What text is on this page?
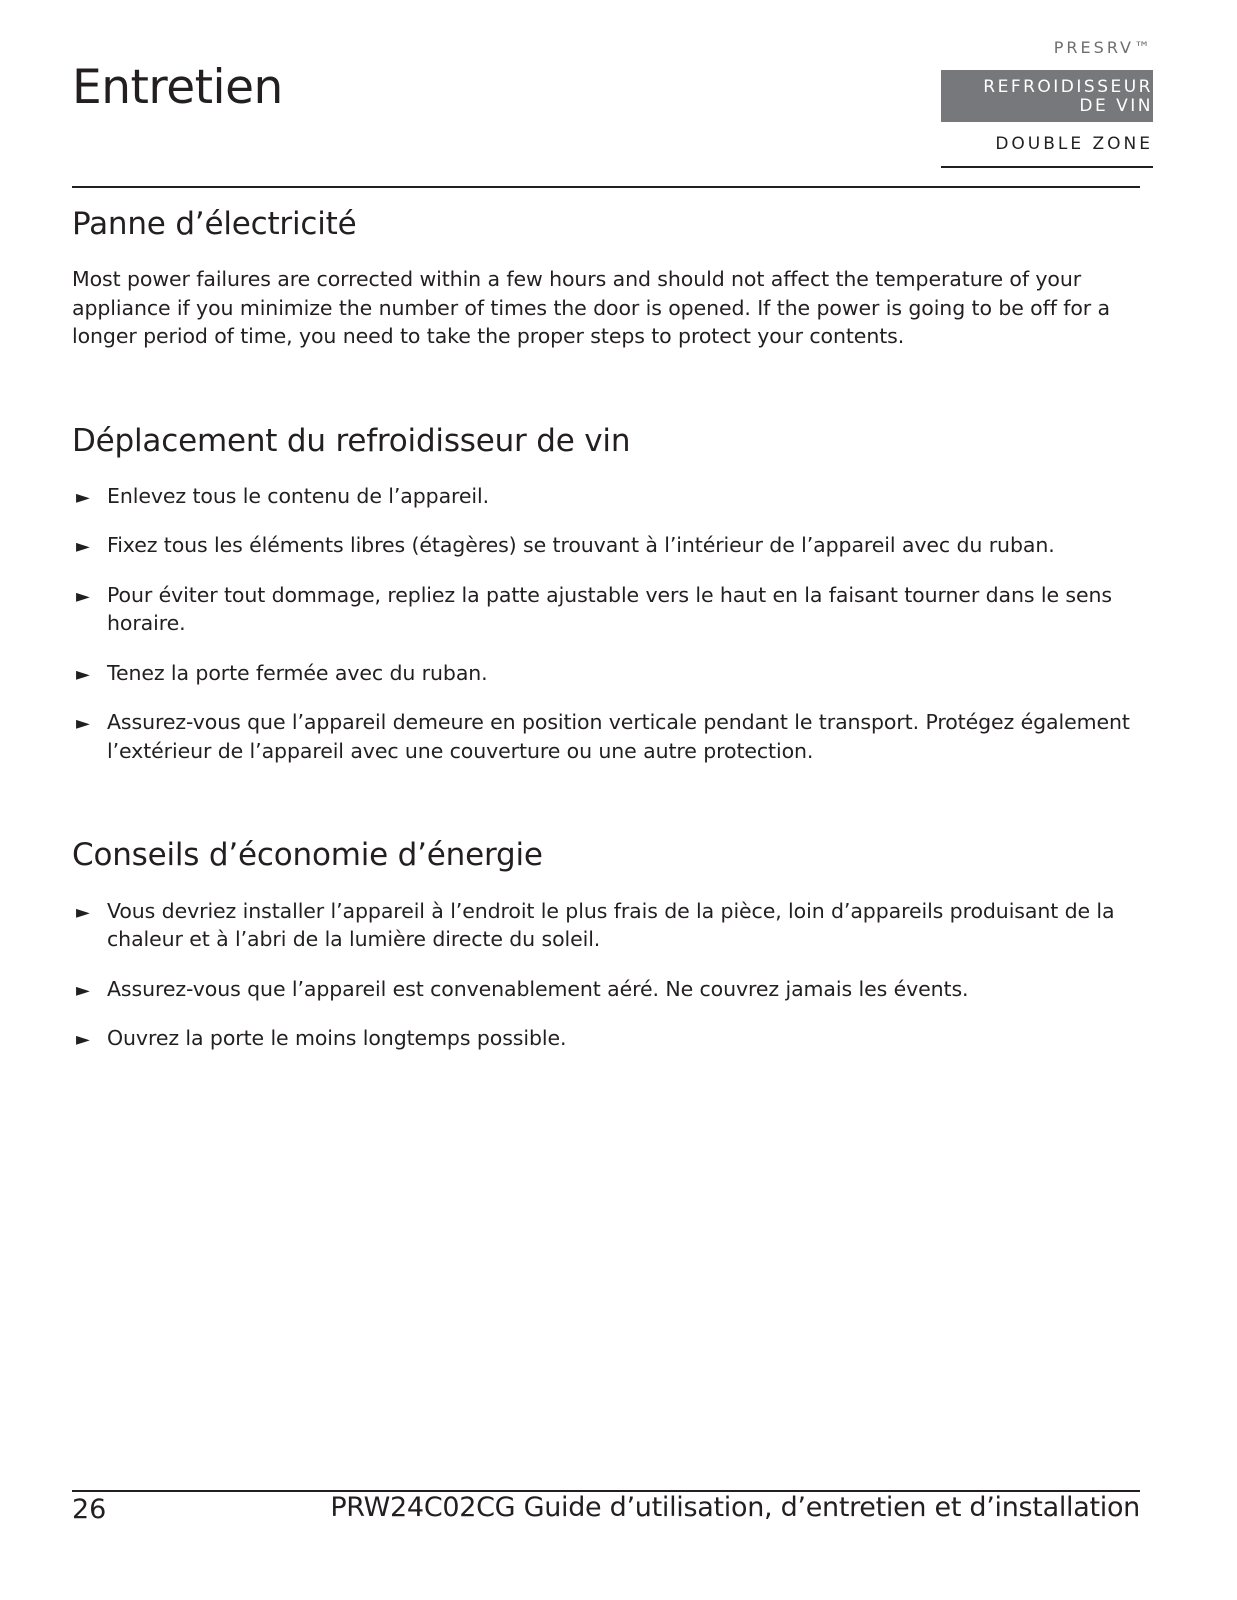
Entretien
PRESRV™
REFROIDISSEUR
DE VIN
DOUBLE ZONE
Panne d’électricité

Most power failures are corrected within a few hours and should not affect the temperature of your appliance if you minimize the number of times the door is opened. If the power is going to be off for a longer period of time, you need to take the proper steps to protect your contents.

Déplacement du refroidisseur de vin
► Enlevez tous le contenu de l’appareil.
► Fixez tous les éléments libres (étagères) se trouvant à l’intérieur de l’appareil avec du ruban.
► Pour éviter tout dommage, repliez la patte ajustable vers le haut en la faisant tourner dans le sens horaire.
► Tenez la porte fermée avec du ruban.
► Assurez-vous que l’appareil demeure en position verticale pendant le transport. Protégez également l’extérieur de l’appareil avec une couverture ou une autre protection.
Conseils d’économie d’énergie
► Vous devriez installer l’appareil à l’endroit le plus frais de la pièce, loin d’appareils produisant de la chaleur et à l’abri de la lumière directe du soleil.
► Assurez-vous que l’appareil est convenablement aéré. Ne couvrez jamais les évents.
► Ouvrez la porte le moins longtemps possible.
26	PRW24C02CG Guide d’utilisation, d’entretien et d’installation
